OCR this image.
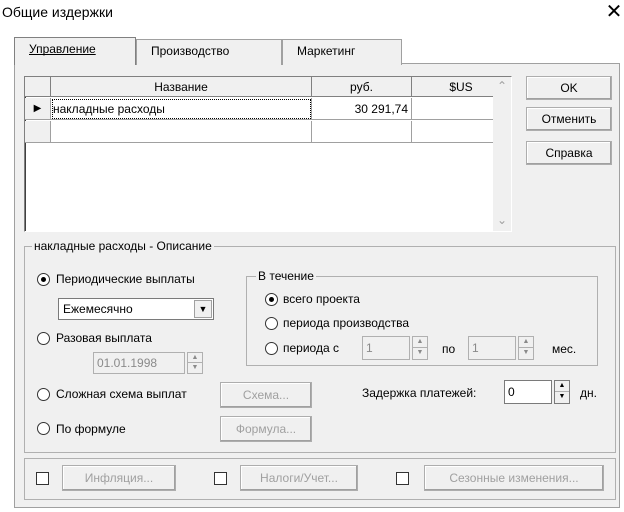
Общие издержки	✕
Управление	Производство	Маркетинг
Название	руб.	$US
▶ накладные расходы	30 291,74
⌃
⌄
OK
Отменить
Справка
накладные расходы - Описание
Периодические выплаты
Ежемесячно	▼
Разовая выплата
01.01.1998	▲
▼
Сложная схема выплат	Схема...
По формуле	Формула...
В течение
всего проекта
периода производства
периода с	1	▲
▼ по	1	▲
▼ мес.
Задержка платежей:	0	▲
▼ дн.
Инфляция...	Налоги/Учет...	Сезонные изменения...
